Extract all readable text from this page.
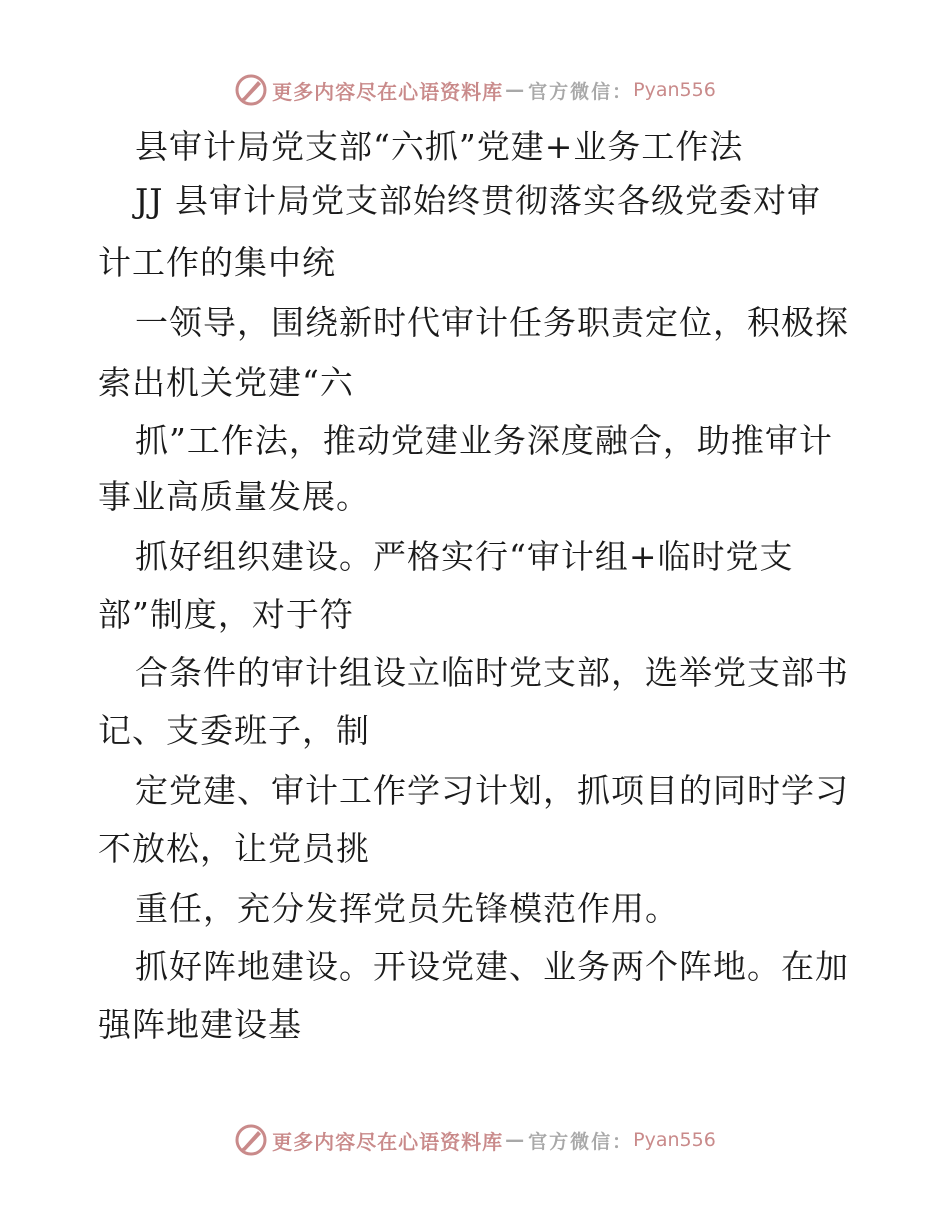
更多内容尽在心语资料库 — 官方微信： Pyan556
县审计局党支部“六抓”党建+业务工作法
JJ 县审计局党支部始终贯彻落实各级党委对审
计工作的集中统
一领导，围绕新时代审计任务职责定位，积极探
索出机关党建“六
抓”工作法，推动党建业务深度融合，助推审计
事业高质量发展。
抓好组织建设。严格实行“审计组+临时党支
部”制度，对于符
合条件的审计组设立临时党支部，选举党支部书
记、支委班子，制
定党建、审计工作学习计划，抓项目的同时学习
不放松，让党员挑
重任，充分发挥党员先锋模范作用。
抓好阵地建设。开设党建、业务两个阵地。在加
强阵地建设基
更多内容尽在心语资料库 — 官方微信： Pyan556
